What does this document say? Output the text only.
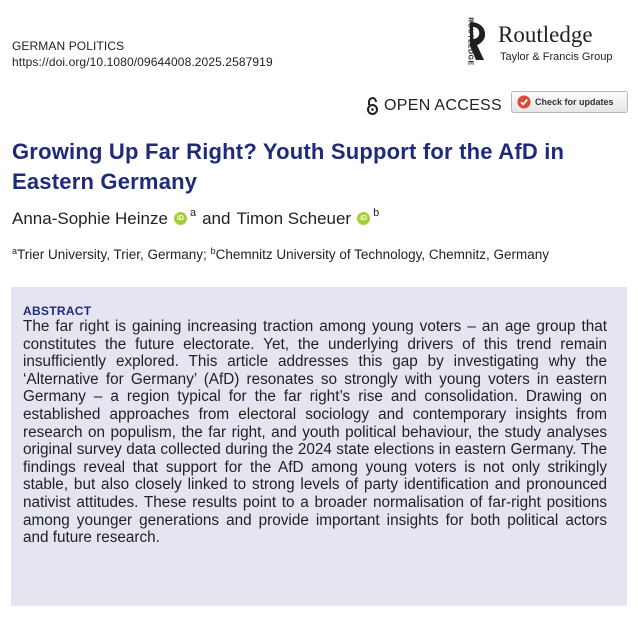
GERMAN POLITICS
https://doi.org/10.1080/09644008.2025.2587919	ROUTLEDGE Routledge
Taylor & Francis Group
OPEN ACCESS	Check for updates
Growing Up Far Right? Youth Support for the AfD in Eastern Germany
Anna-Sophie Heinze	iD a and Timon Scheuer	iD b
$^a$Trier University, Trier, Germany; $^b$Chemnitz University of Technology, Chemnitz, Germany
ABSTRACT
The far right is gaining increasing traction among young voters – an age group that constitutes the future electorate. Yet, the underlying drivers of this trend remain insufficiently explored. This article addresses this gap by investigating why the ‘Alternative for Germany’ (AfD) resonates so strongly with young voters in eastern Germany – a region typical for the far right’s rise and consolidation. Drawing on established approaches from electoral sociology and contemporary insights from research on populism, the far right, and youth political behaviour, the study analyses original survey data collected during the 2024 state elections in eastern Germany. The findings reveal that support for the AfD among young voters is not only strikingly stable, but also closely linked to strong levels of party identification and pronounced nativist attitudes. These results point to a broader normalisation of far-right positions among younger generations and provide important insights for both political actors and future research.
